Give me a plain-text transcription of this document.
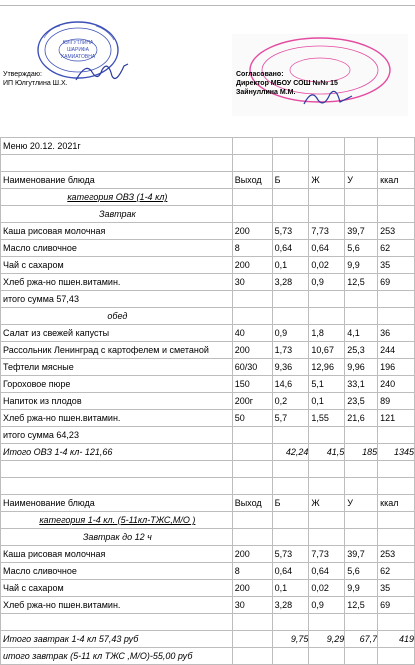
ЮЛГУТЛИНА
ШАРИФА
ХАМИАТОВНА
Утверждаю:
ИП Юлгутлина Ш.Х.
Согласовано:
Директор МБОУ СОШ №№ 15
Зайнуллина М.М.
Меню 20.12. 2021г					

Наименование блюда	Выход	Б	Ж	У	ккал
категория ОВЗ (1-4 кл)					
Завтрак					
Каша рисовая молочная	200	5,73	7,73	39,7	253
Масло сливочное	8	0,64	0,64	5,6	62
Чай с сахаром	200	0,1	0,02	9,9	35
Хлеб ржа-но пшен.витамин.	30	3,28	0,9	12,5	69
итого сумма 57,43					
обед					
Салат из свежей капусты	40	0,9	1,8	4,1	36
Рассольник Ленинград с картофелем и сметаной	200	1,73	10,67	25,3	244
Тефтели мясные	60/30	9,36	12,96	9,96	196
Гороховое пюре	150	14,6	5,1	33,1	240
Напиток из плодов	200г	0,2	0,1	23,5	89
Хлеб ржа-но пшен.витамин.	50	5,7	1,55	21,6	121
итого сумма 64,23					
Итого ОВЗ 1-4 кл- 121,66		42,24	41,5	185	1345

Наименование блюда	Выход	Б	Ж	У	ккал
категория 1-4 кл. (5-11кл-ТЖС,М/О )					
Завтрак до 12 ч					
Каша рисовая молочная	200	5,73	7,73	39,7	253
Масло сливочное	8	0,64	0,64	5,6	62
Чай с сахаром	200	0,1	0,02	9,9	35
Хлеб ржа-но пшен.витамин.	30	3,28	0,9	12,5	69

Итого завтрак 1-4 кл 57,43 руб		9,75	9,29	67,7	419
итого завтрак (5-11 кл ТЖС ,М/О)-55,00 руб					
